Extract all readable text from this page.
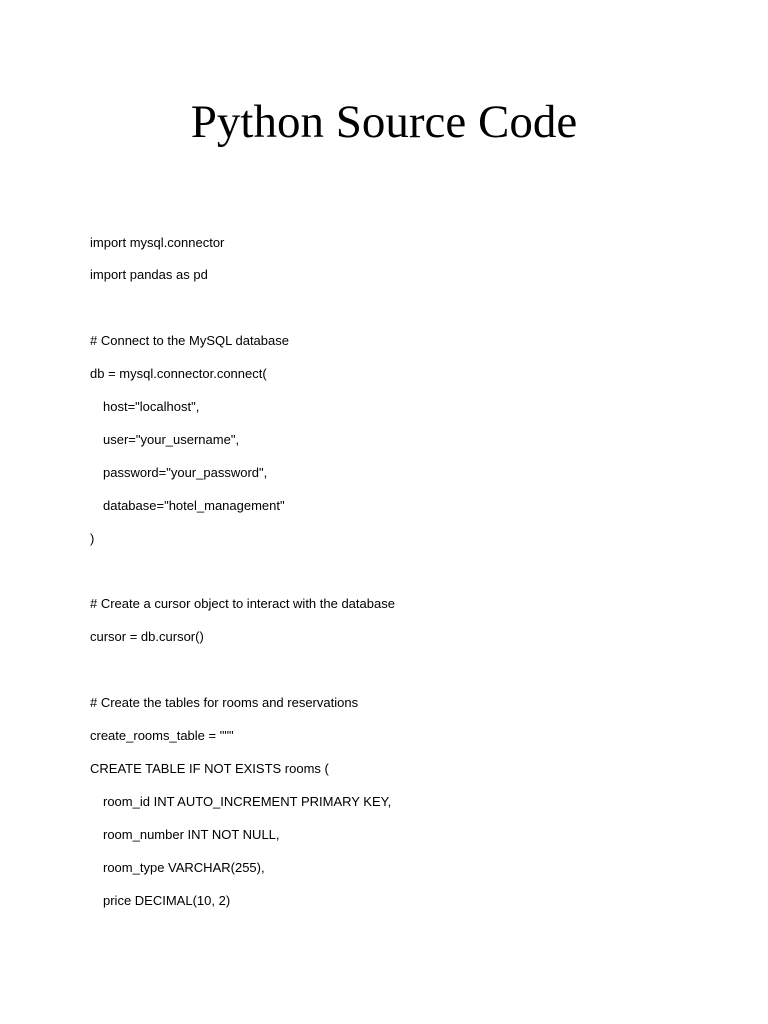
Python Source Code
import mysql.connector
import pandas as pd
# Connect to the MySQL database
db = mysql.connector.connect(
host="localhost",
user="your_username",
password="your_password",
database="hotel_management"
)
# Create a cursor object to interact with the database
cursor = db.cursor()
# Create the tables for rooms and reservations
create_rooms_table = """
CREATE TABLE IF NOT EXISTS rooms (
room_id INT AUTO_INCREMENT PRIMARY KEY,
room_number INT NOT NULL,
room_type VARCHAR(255),
price DECIMAL(10, 2)
